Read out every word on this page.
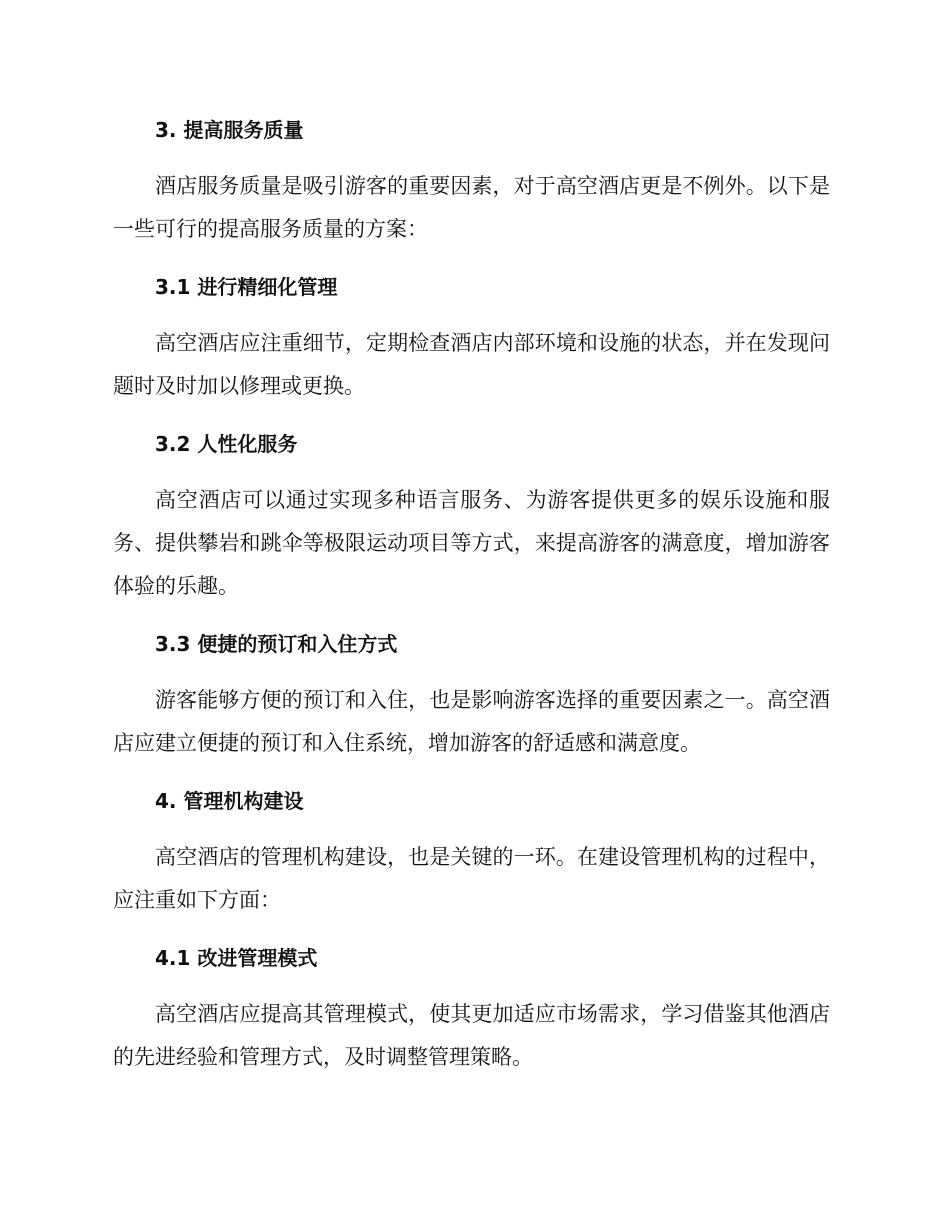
3. 提高服务质量

酒店服务质量是吸引游客的重要因素，对于高空酒店更是不例外。以下是一些可行的提高服务质量的方案：

3.1 进行精细化管理

高空酒店应注重细节，定期检查酒店内部环境和设施的状态，并在发现问题时及时加以修理或更换。

3.2 人性化服务

高空酒店可以通过实现多种语言服务、为游客提供更多的娱乐设施和服务、提供攀岩和跳伞等极限运动项目等方式，来提高游客的满意度，增加游客体验的乐趣。

3.3 便捷的预订和入住方式

游客能够方便的预订和入住，也是影响游客选择的重要因素之一。高空酒店应建立便捷的预订和入住系统，增加游客的舒适感和满意度。

4. 管理机构建设

高空酒店的管理机构建设，也是关键的一环。在建设管理机构的过程中，应注重如下方面：

4.1 改进管理模式

高空酒店应提高其管理模式，使其更加适应市场需求，学习借鉴其他酒店的先进经验和管理方式，及时调整管理策略。
